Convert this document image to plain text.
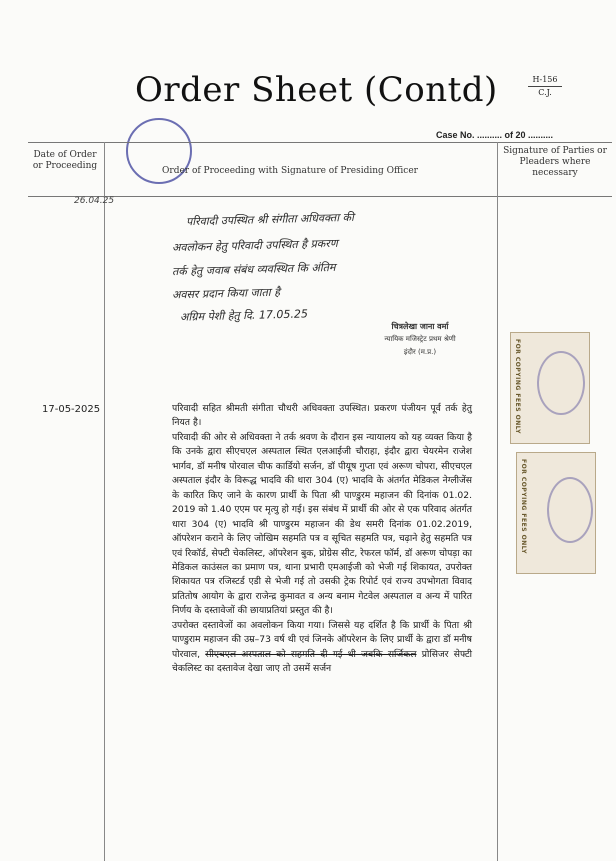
Order Sheet (Contd)	H-156
C.J.
Case No. .......... of 20 ..........
Date of Order or Proceeding	Order of Proceeding with Signature of Presiding Officer
Signature of Parties or Pleaders where necessary
26.04.25
परिवादी उपस्थित श्री संगीता अधिवक्ता की
अवलोकन हेतु परिवादी उपस्थित है प्रकरण
तर्क हेतु जवाब संबंध व्यवस्थित कि अंतिम
अवसर प्रदान किया जाता है
अग्रिम पेशी हेतु दि. 17.05.25
चित्रलेखा जाना वर्मा
न्यायिक मजिस्ट्रेट प्रथम श्रेणी
इंदौर (म.प्र.)
17-05-2025	परिवादी सहित श्रीमती संगीता चौधरी अधिवक्ता उपस्थित। प्रकरण पंजीयन पूर्व तर्क हेतु नियत है।

परिवादी की ओर से अधिवक्ता ने तर्क श्रवण के दौरान इस न्यायालय को यह व्यक्त किया है कि उनके द्वारा सीएचएल अस्पताल स्थित एलआईजी चौराहा, इंदौर द्वारा चेयरमेन राजेश भार्गव, डॉ मनीष पोरवाल चीफ कार्डियो सर्जन, डॉ पीयूष गुप्ता एवं अरूण चोपरा, सीएचएल अस्पताल इंदौर के विरूद्ध भादवि की धारा 304 (ए) भादवि के अंतर्गत मेडिकल नेग्लीजेंस के कारित किए जाने के कारण प्रार्थी के पिता श्री पाण्डुरम महाजन की दिनांक 01.02. 2019 को 1.40 एएम पर मृत्यु हो गई। इस संबंध में प्रार्थी की ओर से एक परिवाद अंतर्गत धारा 304 (ए) भादवि श्री पाण्डुरम महाजन की डेथ समरी दिनांक 01.02.2019, ऑपरेशन कराने के लिए जोखिम सहमति पत्र व सूचित सहमति पत्र, चढ़ाने हेतु सहमति पत्र एवं रिकॉर्ड, सेफ्टी चेकलिस्ट, ऑपरेशन बुक, प्रोग्रेस सीट, रेफरल फॉर्म, डॉ अरूण चोपड़ा का मेडिकल काउंसल का प्रमाण पत्र, थाना प्रभारी एमआईजी को भेजी गई शिकायत, उपरोक्त शिकायत पत्र रजिस्टर्ड एडी से भेजी गई तो उसकी ट्रेक रिपोर्ट एवं राज्य उपभोगता विवाद प्रतितोष आयोग के द्वारा राजेन्द्र कुमावत व अन्य बनाम गेटवेल अस्पताल व अन्य में पारित निर्णय के दस्तावेजों की छायाप्रतियां प्रस्तुत की है।

उपरोक्त दस्तावेजों का अवलोकन किया गया। जिससे यह दर्शित है कि प्रार्थी के पिता श्री पाण्डुराम महाजन की उम्र–73 वर्ष थी एवं जिनके ऑपरेशन के लिए प्रार्थी के द्वारा डॉ मनीष पोरवाल, सीएचएल अस्पताल को सहमति दी गई थी जबकि सर्जिकल प्रोसिजर सेफ्टी चेकलिस्ट का दस्तावेज देखा जाए तो उसमें सर्जन

FOR COPYING FEES ONLY
FOR COPYING FEES ONLY
